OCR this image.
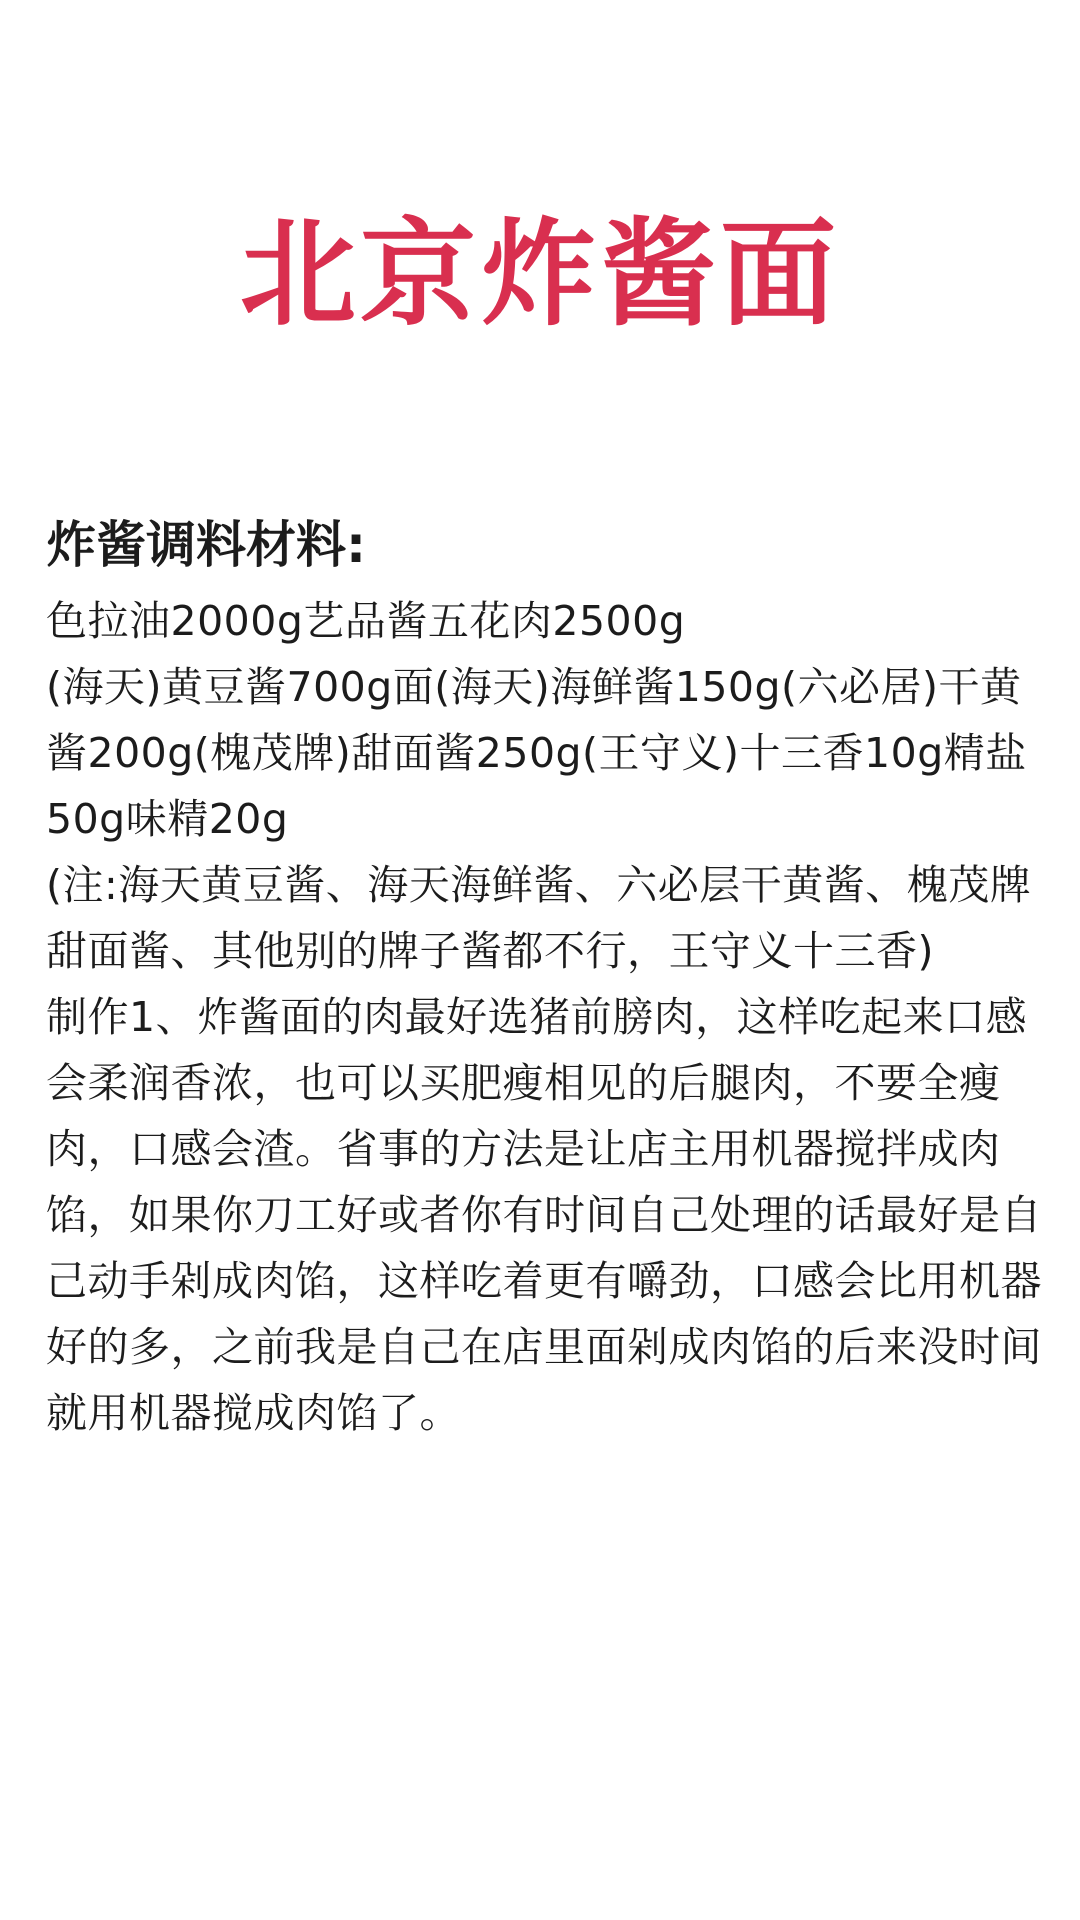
北京炸酱面
炸酱调料材料:

色拉油2000g艺品酱五花肉2500g
(海天)黄豆酱700g面(海天)海鲜酱150g(六必居)干黄酱200g(槐茂牌)甜面酱250g(王守义)十三香10g精盐50g味精20g
(注:海天黄豆酱、海天海鲜酱、六必层干黄酱、槐茂牌甜面酱、其他别的牌子酱都不行，王守义十三香)
制作1、炸酱面的肉最好选猪前膀肉，这样吃起来口感会柔润香浓，也可以买肥瘦相见的后腿肉，不要全瘦肉，口感会渣。省事的方法是让店主用机器搅拌成肉馅，如果你刀工好或者你有时间自己处理的话最好是自己动手剁成肉馅，这样吃着更有嚼劲，口感会比用机器好的多，之前我是自己在店里面剁成肉馅的后来没时间就用机器搅成肉馅了。
